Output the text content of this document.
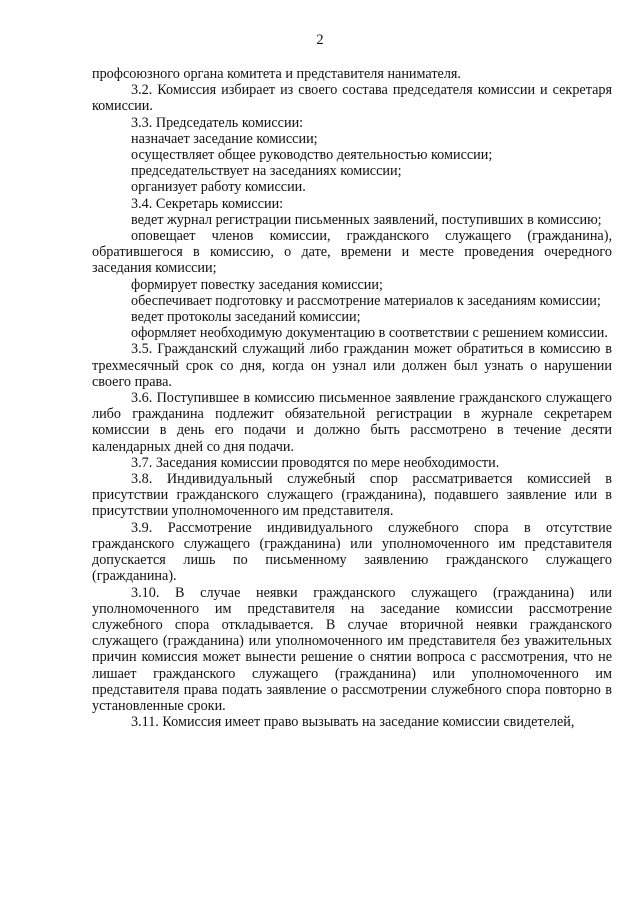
2

профсоюзного органа комитета и представителя нанимателя.

3.2. Комиссия избирает из своего состава председателя комиссии и секретаря комиссии.

3.3. Председатель комиссии:

назначает заседание комиссии;

осуществляет общее руководство деятельностью комиссии;

председательствует на заседаниях комиссии;

организует работу комиссии.

3.4. Секретарь комиссии:

ведет журнал регистрации письменных заявлений, поступивших в комиссию;

оповещает членов комиссии, гражданского служащего (гражданина), обратившегося в комиссию, о дате, времени и месте проведения очередного заседания комиссии;

формирует повестку заседания комиссии;

обеспечивает подготовку и рассмотрение материалов к заседаниям комиссии;

ведет протоколы заседаний комиссии;

оформляет необходимую документацию в соответствии с решением комиссии.

3.5. Гражданский служащий либо гражданин может обратиться в комиссию в трехмесячный срок со дня, когда он узнал или должен был узнать о нарушении своего права.

3.6. Поступившее в комиссию письменное заявление гражданского служащего либо гражданина подлежит обязательной регистрации в журнале секретарем комиссии в день его подачи и должно быть рассмотрено в течение десяти календарных дней со дня подачи.

3.7. Заседания комиссии проводятся по мере необходимости.

3.8. Индивидуальный служебный спор рассматривается комиссией в присутствии гражданского служащего (гражданина), подавшего заявление или в присутствии уполномоченного им представителя.

3.9. Рассмотрение индивидуального служебного спора в отсутствие гражданского служащего (гражданина) или уполномоченного им представителя допускается лишь по письменному заявлению гражданского служащего (гражданина).

3.10. В случае неявки гражданского служащего (гражданина) или уполномоченного им представителя на заседание комиссии рассмотрение служебного спора откладывается. В случае вторичной неявки гражданского служащего (гражданина) или уполномоченного им представителя без уважительных причин комиссия может вынести решение о снятии вопроса с рассмотрения, что не лишает гражданского служащего (гражданина) или уполномоченного им представителя права подать заявление о рассмотрении служебного спора повторно в установленные сроки.

3.11. Комиссия имеет право вызывать на заседание комиссии свидетелей,
